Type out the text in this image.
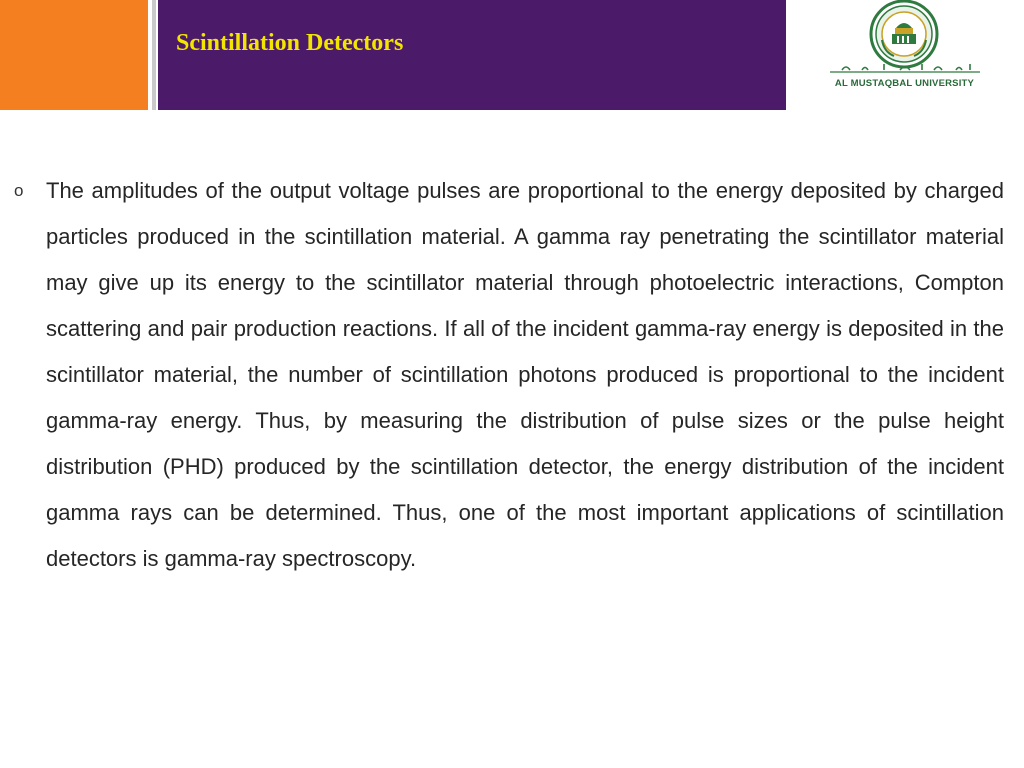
Scintillation Detectors
AL MUSTAQBAL UNIVERSITY
o	The amplitudes of the output voltage pulses are proportional to the energy deposited by charged particles produced in the scintillation material. A gamma ray penetrating the scintillator material may give up its energy to the scintillator material through photoelectric interactions, Compton scattering and pair production reactions. If all of the incident gamma-ray energy is deposited in the scintillator material, the number of scintillation photons produced is proportional to the incident gamma-ray energy. Thus, by measuring the distribution of pulse sizes or the pulse height distribution (PHD) produced by the scintillation detector, the energy distribution of the incident gamma rays can be determined. Thus, one of the most important applications of scintillation detectors is gamma-ray spectroscopy.
